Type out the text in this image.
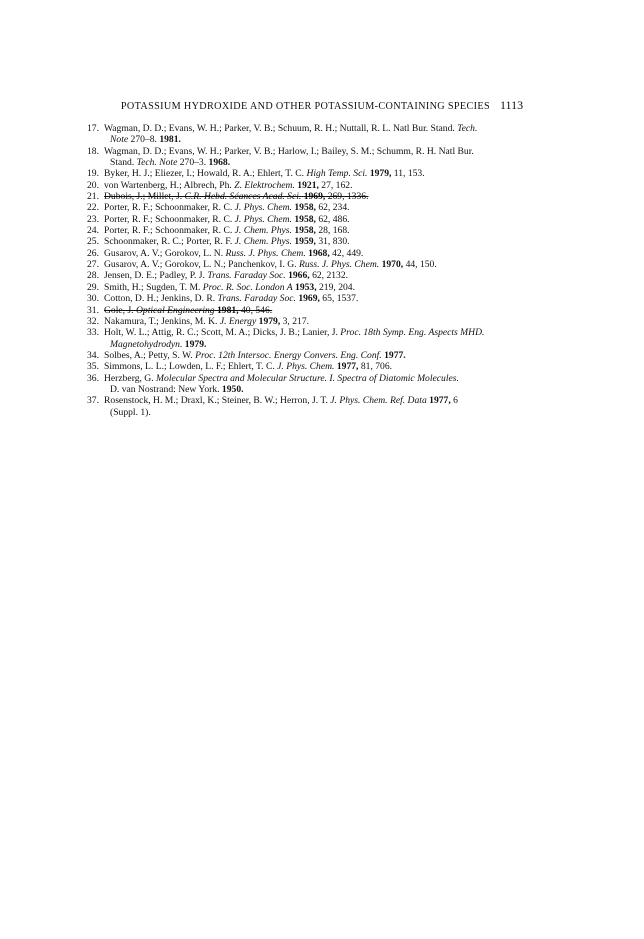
POTASSIUM HYDROXIDE AND OTHER POTASSIUM-CONTAINING SPECIES 1113
17. Wagman, D. D.; Evans, W. H.; Parker, V. B.; Schuum, R. H.; Nuttall, R. L. Natl Bur. Stand. Tech.
Note 270–8. 1981.
18. Wagman, D. D.; Evans, W. H.; Parker, V. B.; Harlow, I.; Bailey, S. M.; Schumm, R. H. Natl Bur.
Stand. Tech. Note 270–3. 1968.
19. Byker, H. J.; Eliezer, I.; Howald, R. A.; Ehlert, T. C. High Temp. Sci. 1979, 11, 153.
20. von Wartenberg, H.; Albrech, Ph. Z. Elektrochem. 1921, 27, 162.
21. Dubois, J.; Millet, J. C.R. Hebd. Séances Acad. Sci. 1969, 269, 1336.
22. Porter, R. F.; Schoonmaker, R. C. J. Phys. Chem. 1958, 62, 234.
23. Porter, R. F.; Schoonmaker, R. C. J. Phys. Chem. 1958, 62, 486.
24. Porter, R. F.; Schoonmaker, R. C. J. Chem. Phys. 1958, 28, 168.
25. Schoonmaker, R. C.; Porter, R. F. J. Chem. Phys. 1959, 31, 830.
26. Gusarov, A. V.; Gorokov, L. N. Russ. J. Phys. Chem. 1968, 42, 449.
27. Gusarov, A. V.; Gorokov, L. N.; Panchenkov, I. G. Russ. J. Phys. Chem. 1970, 44, 150.
28. Jensen, D. E.; Padley, P. J. Trans. Faraday Soc. 1966, 62, 2132.
29. Smith, H.; Sugden, T. M. Proc. R. Soc. London A 1953, 219, 204.
30. Cotton, D. H.; Jenkins, D. R. Trans. Faraday Soc. 1969, 65, 1537.
31. Gole, J. Optical Engineering 1981, 40, 546.
32. Nakamura, T.; Jenkins, M. K. J. Energy 1979, 3, 217.
33. Holt, W. L.; Attig, R. C.; Scott, M. A.; Dicks, J. B.; Lanier, J. Proc. 18th Symp. Eng. Aspects MHD.
Magnetohydrodyn. 1979.
34. Solbes, A.; Petty, S. W. Proc. 12th Intersoc. Energy Convers. Eng. Conf. 1977.
35. Simmons, L. L.; Lowden, L. F.; Ehlert, T. C. J. Phys. Chem. 1977, 81, 706.
36. Herzberg, G. Molecular Spectra and Molecular Structure. I. Spectra of Diatomic Molecules.
D. van Nostrand: New York. 1950.
37. Rosenstock, H. M.; Draxl, K.; Steiner, B. W.; Herron, J. T. J. Phys. Chem. Ref. Data 1977, 6
(Suppl. 1).
